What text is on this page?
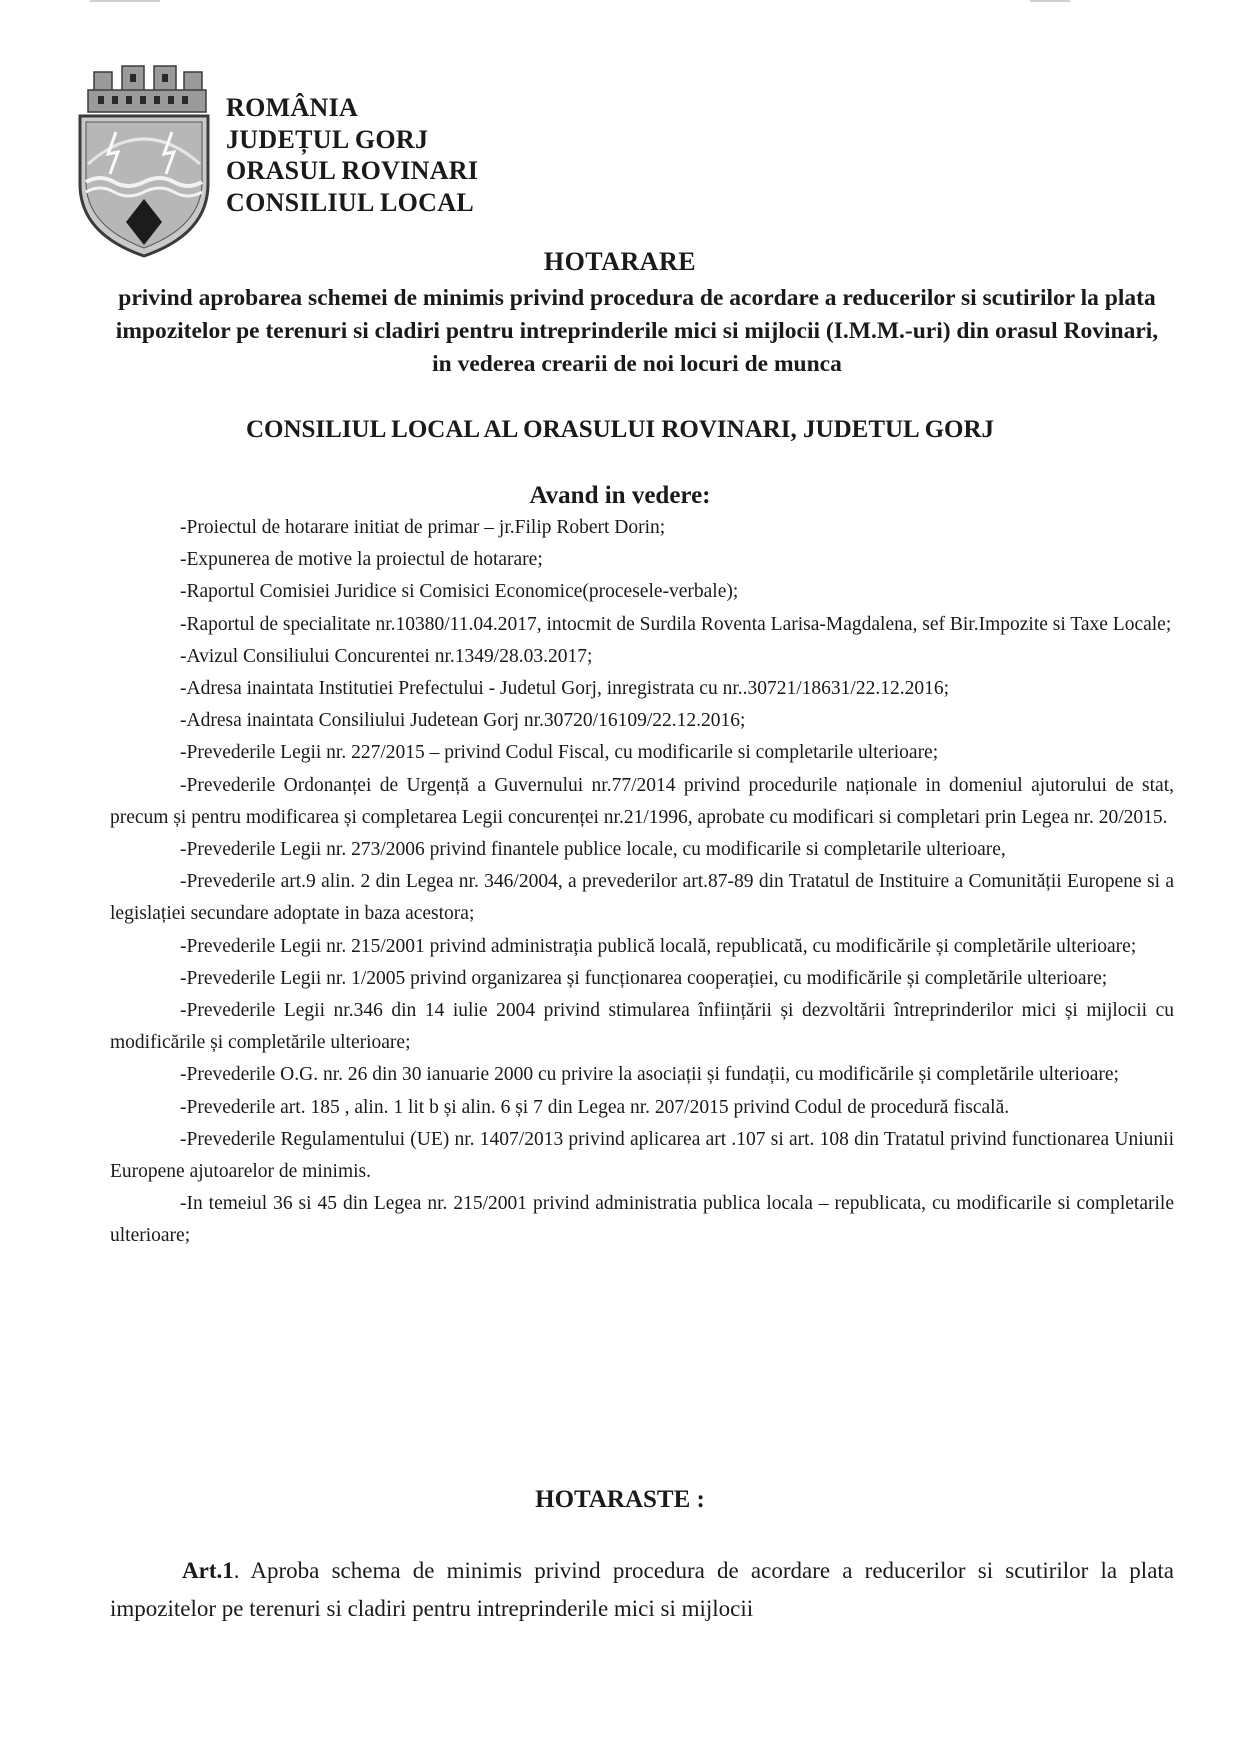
ROMÂNIA
JUDEȚUL GORJ
ORASUL ROVINARI
CONSILIUL LOCAL
HOTARARE
privind aprobarea schemei de minimis privind procedura de acordare a reducerilor si scutirilor la plata impozitelor pe terenuri si cladiri pentru intreprinderile mici si mijlocii (I.M.M.-uri) din orasul Rovinari, in vederea crearii de noi locuri de munca
CONSILIUL LOCAL AL ORASULUI ROVINARI, JUDETUL GORJ
Avand in vedere:

-Proiectul de hotarare initiat de primar – jr.Filip Robert Dorin;

-Expunerea de motive la proiectul de hotarare;

-Raportul Comisiei Juridice si Comisici Economice(procesele-verbale);

-Raportul de specialitate nr.10380/11.04.2017, intocmit de Surdila Roventa Larisa-Magdalena, sef Bir.Impozite si Taxe Locale;

-Avizul Consiliului Concurentei nr.1349/28.03.2017;

-Adresa inaintata Institutiei Prefectului - Judetul Gorj, inregistrata cu nr..30721/18631/22.12.2016;

-Adresa inaintata Consiliului Judetean Gorj nr.30720/16109/22.12.2016;

-Prevederile Legii nr. 227/2015 – privind Codul Fiscal, cu modificarile si completarile ulterioare;

-Prevederile Ordonanței de Urgență a Guvernului nr.77/2014 privind procedurile naționale in domeniul ajutorului de stat, precum și pentru modificarea și completarea Legii concurenței nr.21/1996, aprobate cu modificari si completari prin Legea nr. 20/2015.

-Prevederile Legii nr. 273/2006 privind finantele publice locale, cu modificarile si completarile ulterioare,

-Prevederile art.9 alin. 2 din Legea nr. 346/2004, a prevederilor art.87-89 din Tratatul de Instituire a Comunității Europene si a legislației secundare adoptate in baza acestora;

-Prevederile Legii nr. 215/2001 privind administrația publică locală, republicată, cu modificările și completările ulterioare;

-Prevederile Legii nr. 1/2005 privind organizarea și funcționarea cooperației, cu modificările și completările ulterioare;

-Prevederile Legii nr.346 din 14 iulie 2004 privind stimularea înființării și dezvoltării întreprinderilor mici și mijlocii cu modificările și completările ulterioare;

-Prevederile O.G. nr. 26 din 30 ianuarie 2000 cu privire la asociații și fundații, cu modificările și completările ulterioare;

-Prevederile art. 185 , alin. 1 lit b și alin. 6 și 7 din Legea nr. 207/2015 privind Codul de procedură fiscală.

-Prevederile Regulamentului (UE) nr. 1407/2013 privind aplicarea art .107 si art. 108 din Tratatul privind functionarea Uniunii Europene ajutoarelor de minimis.

-In temeiul 36 si 45 din Legea nr. 215/2001 privind administratia publica locala – republicata, cu modificarile si completarile ulterioare;

HOTARASTE :

Art.1. Aproba schema de minimis privind procedura de acordare a reducerilor si scutirilor la plata impozitelor pe terenuri si cladiri pentru intreprinderile mici si mijlocii
